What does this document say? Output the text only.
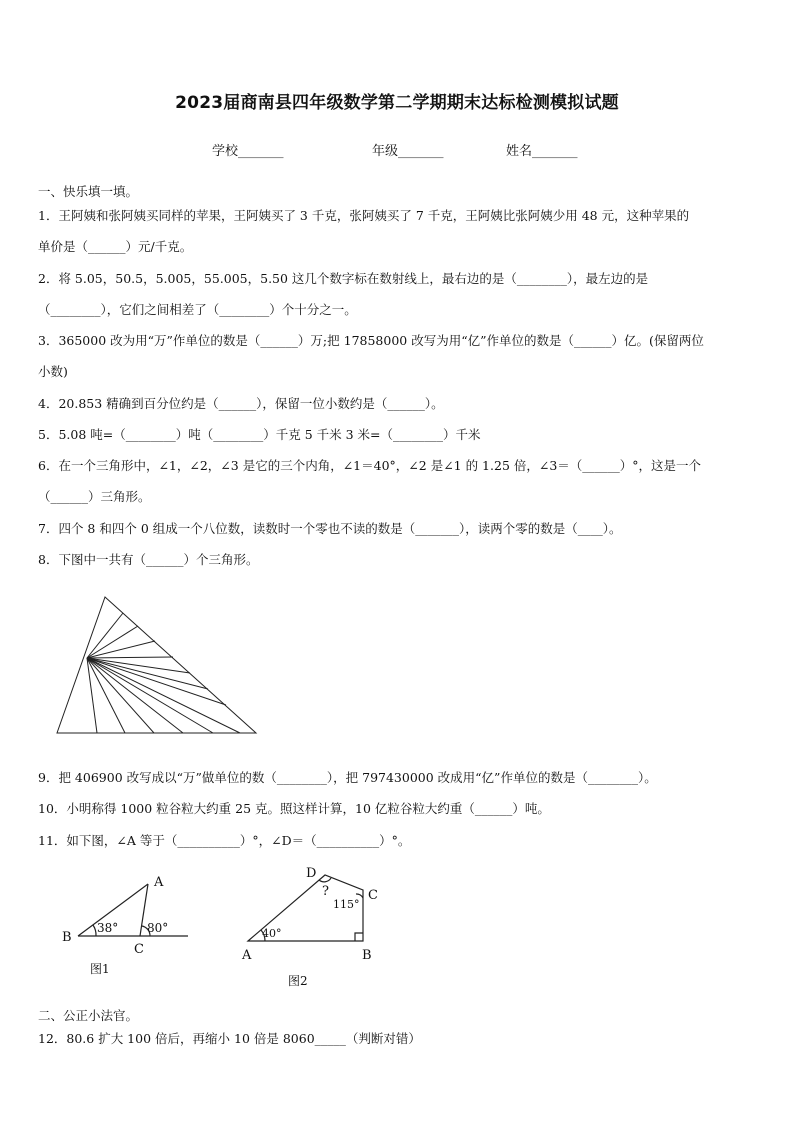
2023届商南县四年级数学第二学期期末达标检测模拟试题
学校_______	年级_______	姓名_______
一、快乐填一填。
1．王阿姨和张阿姨买同样的苹果，王阿姨买了 3 千克，张阿姨买了 7 千克，王阿姨比张阿姨少用 48 元，这种苹果的
单价是（______）元/千克。
2．将 5.05，50.5，5.005，55.005，5.50 这几个数字标在数射线上，最右边的是（________），最左边的是
（________），它们之间相差了（________）个十分之一。
3．365000 改为用“万”作单位的数是（______）万;把 17858000 改写为用“亿”作单位的数是（______）亿。(保留两位
小数)
4．20.853 精确到百分位约是（______），保留一位小数约是（______）。
5．5.08 吨=（________）吨（________）千克 5 千米 3 米=（________）千米
6．在一个三角形中，∠1，∠2，∠3 是它的三个内角，∠1＝40°，∠2 是∠1 的 1.25 倍，∠3＝（______）°，这是一个
（______）三角形。
7．四个 8 和四个 0 组成一个八位数，读数时一个零也不读的数是（_______），读两个零的数是（____）。
8．下图中一共有（______）个三角形。
9．把 406900 改写成以“万”做单位的数（________），把 797430000 改成用“亿”作单位的数是（________）。
10．小明称得 1000 粒谷粒大约重 25 克。照这样计算，10 亿粒谷粒大约重（______）吨。
11．如下图，∠A 等于（__________）°，∠D＝（__________）°。
A
B
C
38° 80°
图1
D
C
A	B
?
115°
40°
图2
二、公正小法官。
12．80.6 扩大 100 倍后，再缩小 10 倍是 8060_____（判断对错）
